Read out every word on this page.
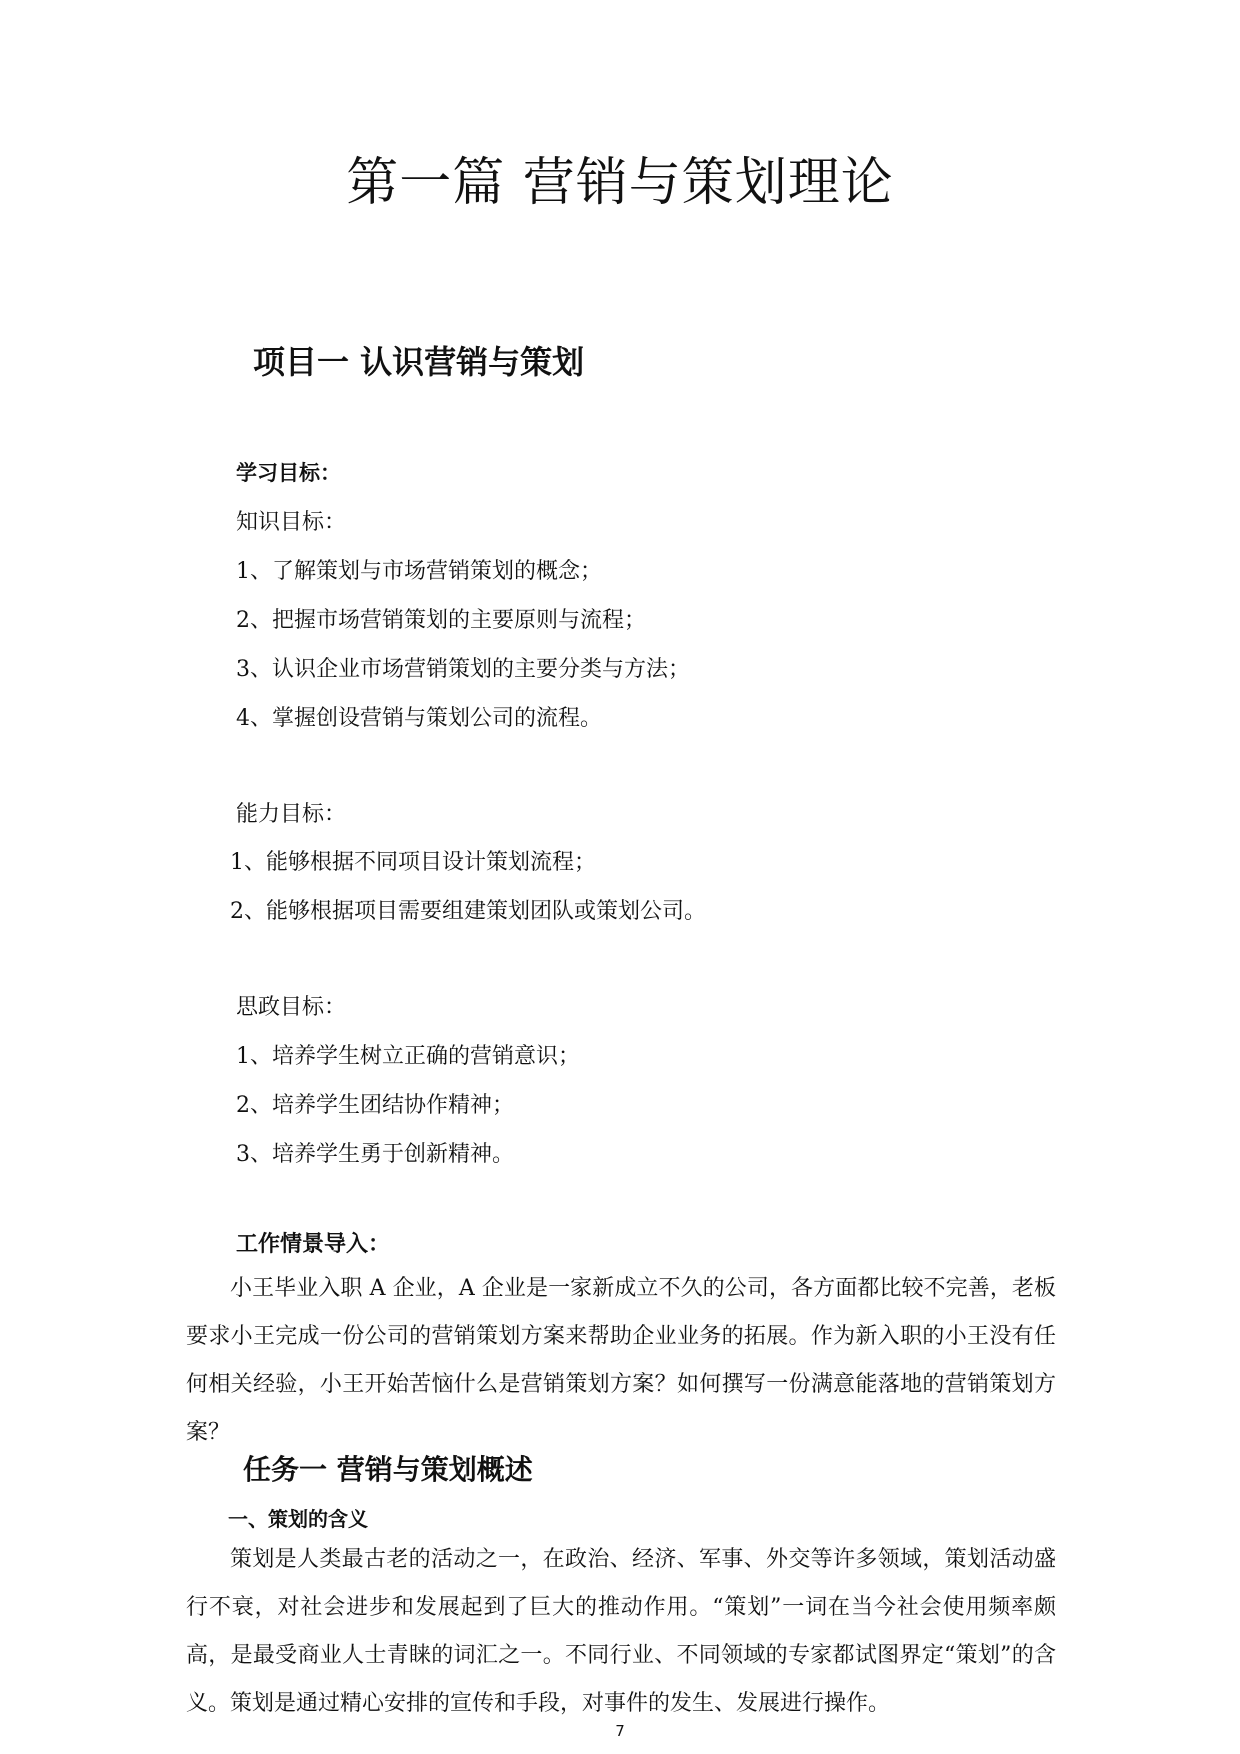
第一篇 营销与策划理论
项目一 认识营销与策划
学习目标：
知识目标：
1、了解策划与市场营销策划的概念；
2、把握市场营销策划的主要原则与流程；
3、认识企业市场营销策划的主要分类与方法；
4、掌握创设营销与策划公司的流程。
能力目标：
1、能够根据不同项目设计策划流程；
2、能够根据项目需要组建策划团队或策划公司。
思政目标：
1、培养学生树立正确的营销意识；
2、培养学生团结协作精神；
3、培养学生勇于创新精神。
工作情景导入：
小王毕业入职 A 企业，A 企业是一家新成立不久的公司，各方面都比较不完善，老板要求小王完成一份公司的营销策划方案来帮助企业业务的拓展。作为新入职的小王没有任何相关经验，小王开始苦恼什么是营销策划方案？如何撰写一份满意能落地的营销策划方案？
任务一 营销与策划概述
一、策划的含义
策划是人类最古老的活动之一，在政治、经济、军事、外交等许多领域，策划活动盛行不衰，对社会进步和发展起到了巨大的推动作用。“策划”一词在当今社会使用频率颇高，是最受商业人士青睐的词汇之一。不同行业、不同领域的专家都试图界定“策划”的含义。 策划是通过精心安排的宣传和手段，对事件的发生、发展进行操作。
7
